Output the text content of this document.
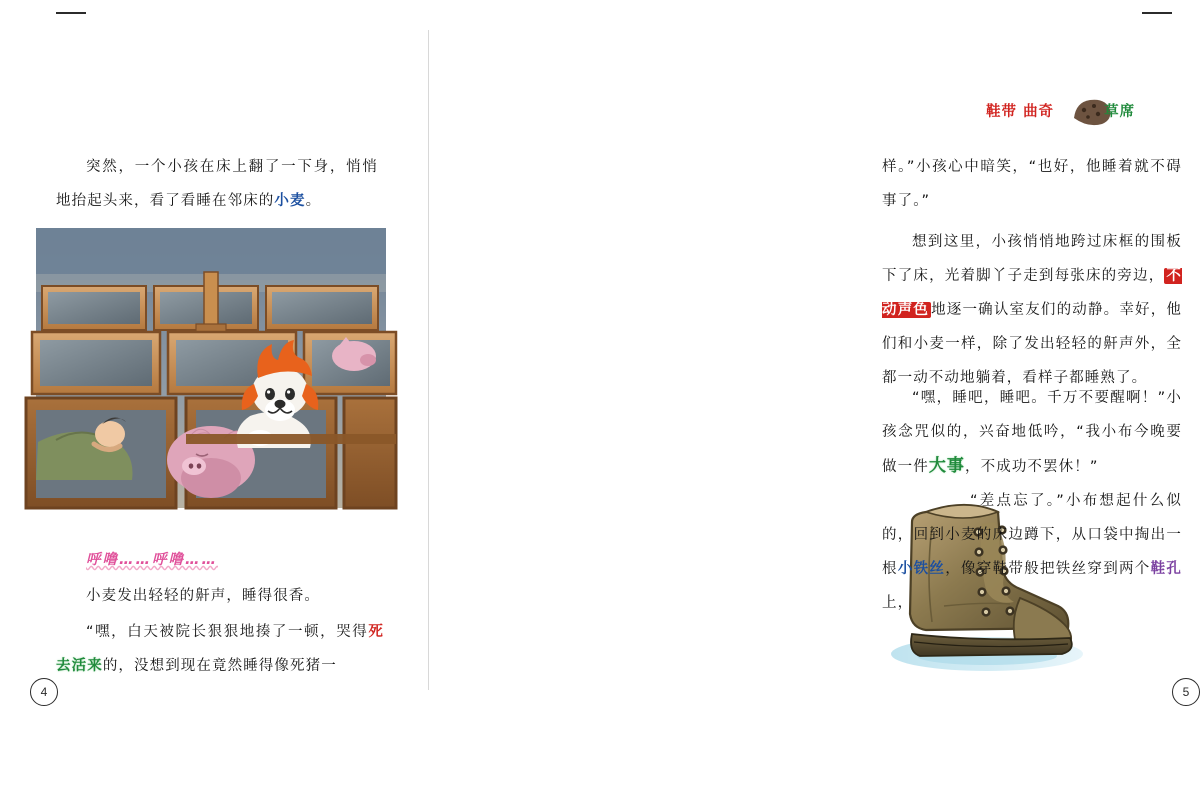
突然，一个小孩在床上翻了一下身，悄悄地抬起头来，看了看睡在邻床的小麦。

呼噜……呼噜……

小麦发出轻轻的鼾声，睡得很香。

“嘿，白天被院长狠狠地揍了一顿，哭得死去活来的，没想到现在竟然睡得像死猪一

4
鞋带 曲奇	草席

样。”小孩心中暗笑，“也好，他睡着就不碍事了。”

想到这里，小孩悄悄地跨过床框的围板下了床，光着脚丫子走到每张床的旁边， 不动声色 地逐一确认室友们的动静。幸好，他们和小麦一样，除了发出轻轻的鼾声外，全都一动不动地躺着，看样子都睡熟了。

“嘿，睡吧，睡吧。千万不要醒啊！”小孩念咒似的，兴奋地低吟，“我小布今晚要做一件大事，不成功不罢休！”

“差点忘了。”小布想起什么似的，回到小麦的床边蹲下，从口袋中掏出一根小铁丝，像穿鞋带般把铁丝穿到两个鞋孔上，

5
